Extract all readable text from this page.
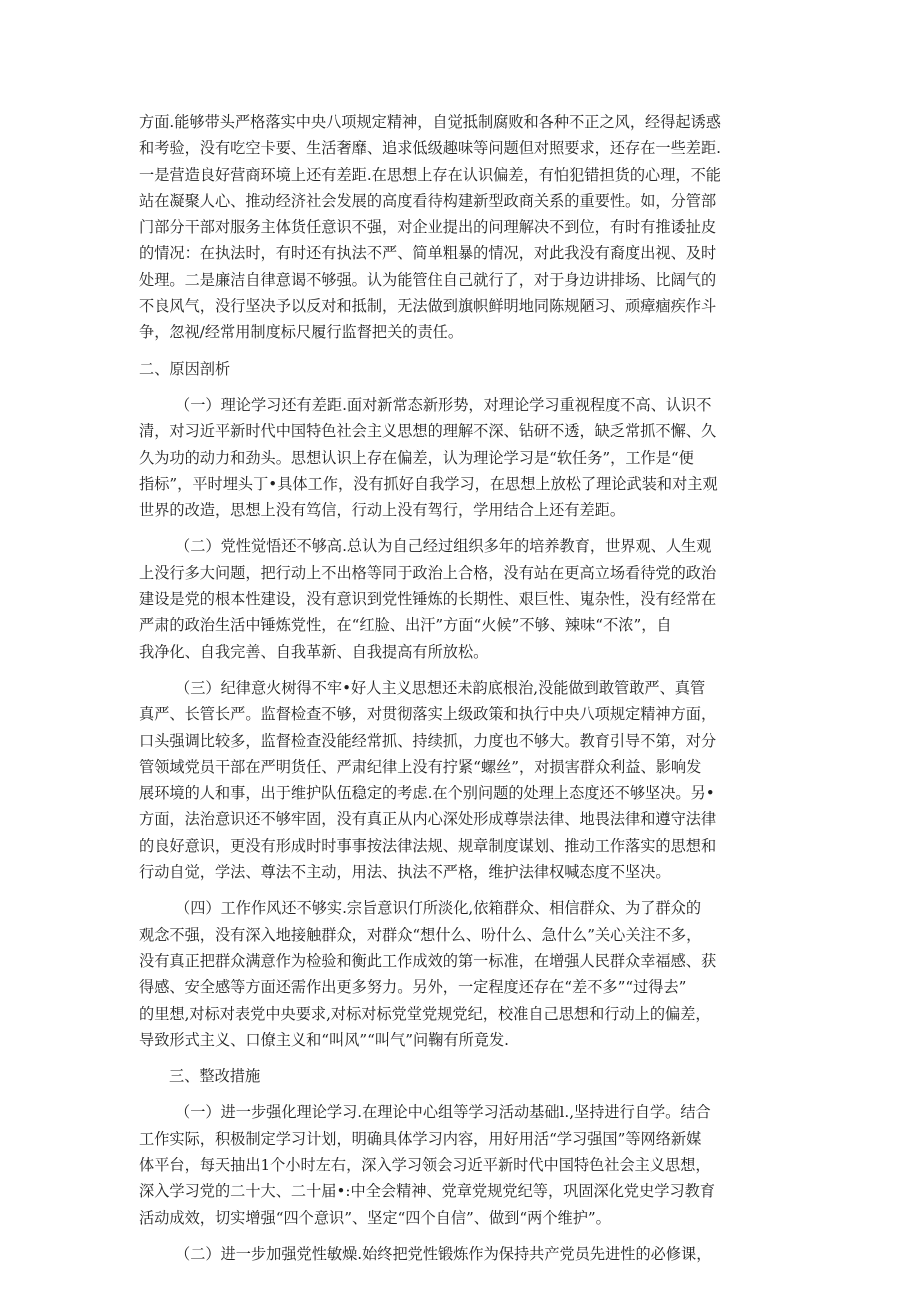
方面.能够带头严格落实中央八项规定精神，自觉抵制腐败和各种不正之风，经得起诱惑
和考验，没有吃空卡要、生活奢靡、追求低级趣味等问题但对照要求，还存在一些差距.
一是营造良好营商环境上还有差距.在思想上存在认识偏差，有怕犯错担货的心理，不能
站在凝聚人心、推动经济社会发展的高度看待构建新型政商关系的重要性。如，分管部
门部分干部对服务主体货任意识不强，对企业提出的问理解决不到位，有时有推诿扯皮
的情况：在执法时，有时还有执法不严、简单粗暴的情况，对此我没有裔度出视、及时
处理。二是廉洁自律意谒不够强。认为能管住自己就行了，对于身边讲排场、比阔气的
不良风气，没行坚决予以反对和抵制，无法做到旗帜鲜明地同陈规陋习、顽瘴痼疾作斗
争，忽视/经常用制度标尺履行监督把关的责任。
二、原因剖析
（一）理论学习还有差距.面对新常态新形势，对理论学习重视程度不高、认识不
清，对习近平新时代中国特色社会主义思想的理解不深、钻研不透，缺乏常抓不懈、久
久为功的动力和劲头。思想认识上存在偏差，认为理论学习是“软任务”，工作是“便
指标”，平时埋头丁•具体工作，没有抓好自我学习，在思想上放松了理论武装和对主观
世界的改造，思想上没有笃信，行动上没有驾行，学用结合上还有差距。
（二）党性觉悟还不够高.总认为自己经过组织多年的培养教育，世界观、人生观
上没行多大问题，把行动上不出格等同于政治上合格，没有站在更高立场看待党的政治
建设是党的根本性建设，没有意识到党性锤炼的长期性、艰巨性、嵬杂性，没有经常在
严肃的政治生活中锤炼党性，在“红脸、出汗”方面“火候”不够、辣味“不浓”，自
我净化、自我完善、自我革新、自我提高有所放松。
（三）纪律意火树得不牢•好人主义思想还未韵底根治,没能做到敢管敢严、真管
真严、长管长严。监督检查不够，对贯彻落实上级政策和执行中央八项规定精神方面，
口头强调比较多，监督检查没能经常抓、持续抓，力度也不够大。教育引导不第，对分
管领域党员干部在严明货任、严肃纪律上没有拧紧“螺丝”，对损害群众利益、影响发
展环境的人和事，出于维护队伍稳定的考虑.在个别问题的处理上态度还不够坚决。另•
方面，法治意识还不够牢固，没有真正从内心深处形成尊崇法律、地畏法律和遵守法律
的良好意识，更没有形成时时事事按法律法规、规章制度谋划、推动工作落实的思想和
行动自觉，学法、尊法不主动，用法、执法不严格，维护法律权喊态度不坚决。
（四）工作作风还不够实.宗旨意识仃所淡化,依箱群众、相信群众、为了群众的
观念不强，没有深入地接触群众，对群众“想什么、吩什么、急什么”关心关注不多，
没有真正把群众满意作为检验和衡此工作成效的第一标准，在增强人民群众幸福感、获
得感、安全感等方面还需作出更多努力。另外，一定程度还存在“差不多”“过得去”
的里想,对标对表党中央要求,对标对标党堂党规党纪，校准自己思想和行动上的偏差，
导致形式主义、口僚主义和“叫风”“叫气”问鞠有所竟发.
三、整改措施
（一）进一步强化理论学习.在理论中心组等学习活动基础l.,坚持进行自学。结合
工作实际，积极制定学习计划，明确具体学习内容，用好用活“学习强国”等网络新媒
体平台，每天抽出1个小时左右，深入学习领会习近平新时代中国特色社会主义思想，
深入学习党的二十大、二十届•:中全会精神、党章党规党纪等，巩固深化党史学习教育
活动成效，切实增强“四个意识”、坚定“四个自信”、做到“两个维护”。
（二）进一步加强党性敏燥.始终把党性锻炼作为保持共产党员先进性的必修课，
